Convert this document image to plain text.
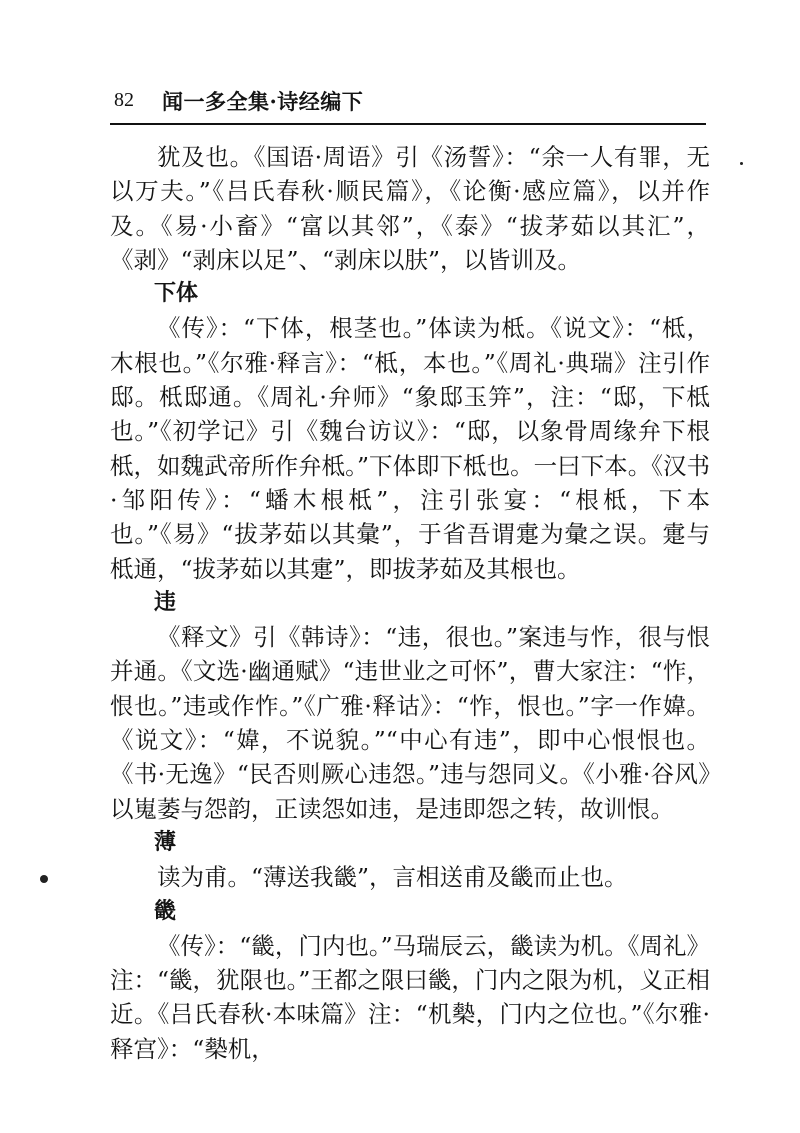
82 闻一多全集·诗经编下

犹及也。《国语·周语》引《汤誓》：“余一人有罪，无以万夫。”《吕氏春秋·顺民篇》，《论衡·感应篇》，以并作及。《易·小畜》“富以其邻”，《泰》“拔茅茹以其汇”，《剥》“剥床以足”、“剥床以肤”，以皆训及。

下体

《传》：“下体，根茎也。”体读为柢。《说文》：“柢，木根也。”《尔雅·释言》：“柢，本也。”《周礼·典瑞》注引作邸。柢邸通。《周礼·弁师》“象邸玉笄”，注：“邸，下柢也。”《初学记》引《魏台访议》：“邸，以象骨周缘弁下根柢，如魏武帝所作弁柢。”下体即下柢也。一曰下本。《汉书·邹阳传》：“蟠木根柢”，注引张宴：“根柢，下本也。”《易》“拔茅茹以其彙”，于省吾谓疐为彙之误。疐与柢通，“拔茅茹以其疐”，即拔茅茹及其根也。

违

《释文》引《韩诗》：“违，很也。”案违与怍，很与恨并通。《文选·幽通赋》“违世业之可怀”，曹大家注：“怍，恨也。”违或作怍。”《广雅·释诂》：“怍，恨也。”字一作媁。《说文》：“媁，不说貌。”“中心有违”，即中心恨恨也。《书·无逸》“民否则厥心违怨。”违与怨同义。《小雅·谷风》以嵬萎与怨韵，正读怨如违，是违即怨之转，故训恨。

薄

读为甫。“薄送我畿”，言相送甫及畿而止也。

畿

《传》：“畿，门内也。”马瑞辰云，畿读为机。《周礼》注：“畿，犹限也。”王都之限曰畿，门内之限为机，义正相近。《吕氏春秋·本味篇》注：“机槷，门内之位也。”《尔雅·释宫》：“槷机，
